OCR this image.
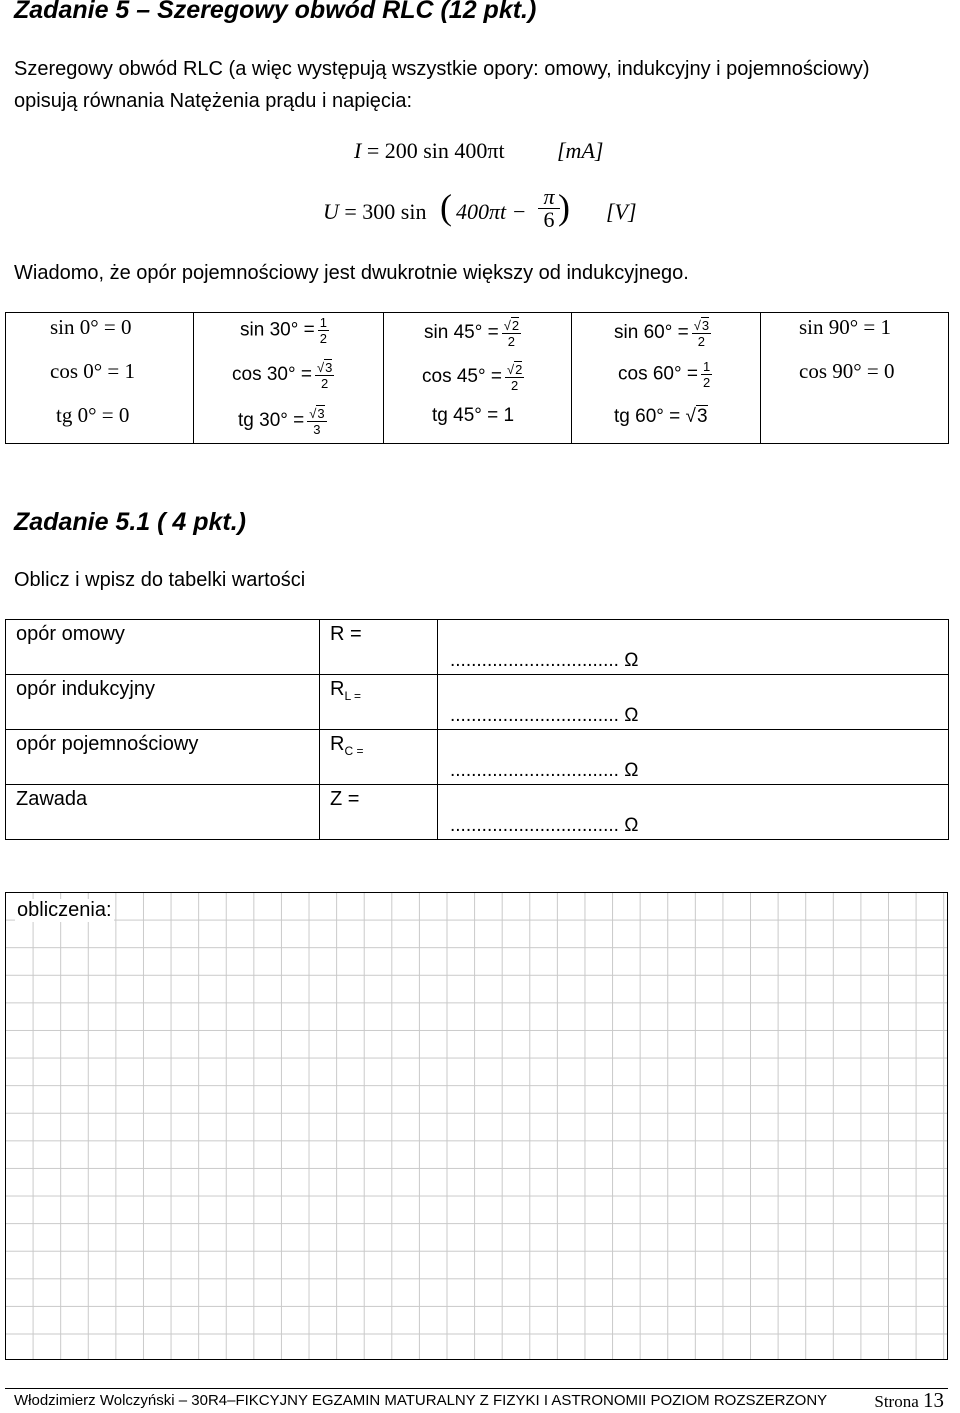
Zadanie 5 – Szeregowy obwód RLC (12 pkt.)
Szeregowy obwód RLC (a więc występują wszystkie opory: omowy, indukcyjny i pojemnościowy)
opisują równania Natężenia prądu i napięcia:
I = 200 sin 400πt [mA]
U = 300 sin ( $400\pi t - \frac{\pi}{6}$
) [V]
Wiadomo, że opór pojemnościowy jest dwukrotnie większy od indukcyjnego.
sin 0° = 0
cos 0° = 1
tg 0° = 0

$\sin 30^\circ = \frac{1}{2}$
$\cos 30^\circ = \frac{√3}{2}$
tg $30^\circ = \frac{√3}{3}$

$\sin 45^\circ = \frac{√2}{2}$
$\cos 45^\circ = \frac{√2}{2}$
tg 45° = 1

$\sin 60^\circ = \frac{√3}{2}$
$\cos 60^\circ = \frac{1}{2}$
tg 60° = √3

sin 90° = 1
cos 90° = 0
Zadanie 5.1 ( 4 pkt.)
Oblicz i wpisz do tabelki wartości
opór omowy	R =	................................ Ω

opór indukcyjny	$R_{L =}$	................................ Ω

opór pojemnościowy	$R_{C =}$	................................ Ω

Zawada	Z =	................................ Ω
obliczenia:
Włodzimierz Wolczyński – 30R4–FIKCYJNY EGZAMIN MATURALNY Z FIZYKI I ASTRONOMII POZIOM ROZSZERZONY	Strona 13
